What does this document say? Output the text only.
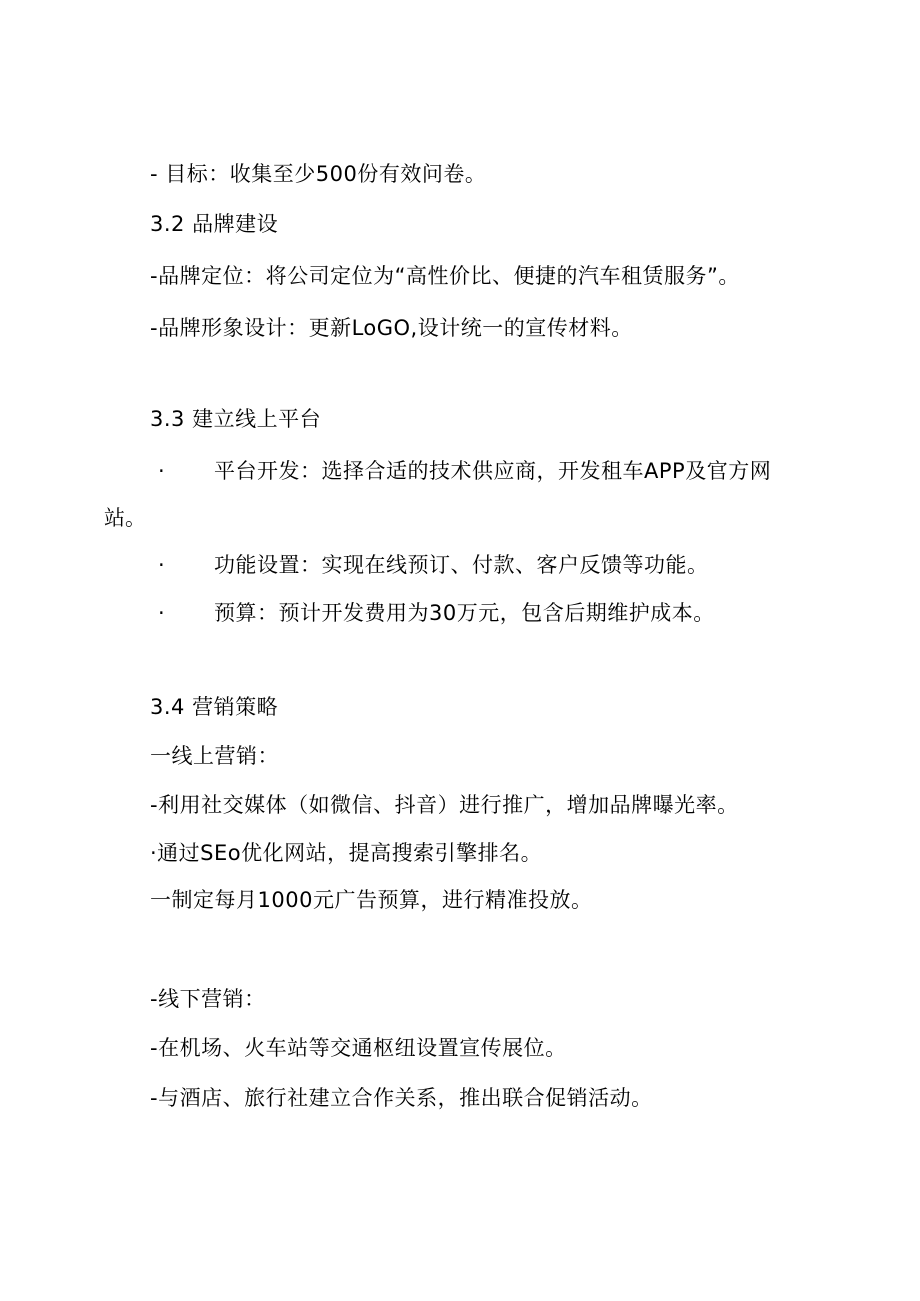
- 目标：收集至少500份有效问卷。
3.2 品牌建设
-品牌定位：将公司定位为“高性价比、便捷的汽车租赁服务”。
-品牌形象设计：更新LoGO,设计统一的宣传材料。
3.3 建立线上平台
· 平台开发：选择合适的技术供应商，开发租车APP及官方网
站。
· 功能设置：实现在线预订、付款、客户反馈等功能。
· 预算：预计开发费用为30万元，包含后期维护成本。
3.4 营销策略
一线上营销：
-利用社交媒体（如微信、抖音）进行推广，增加品牌曝光率。
·通过SEo优化网站，提高搜索引擎排名。
一制定每月1000元广告预算，进行精准投放。
-线下营销：
-在机场、火车站等交通枢纽设置宣传展位。
-与酒店、旅行社建立合作关系，推出联合促销活动。
